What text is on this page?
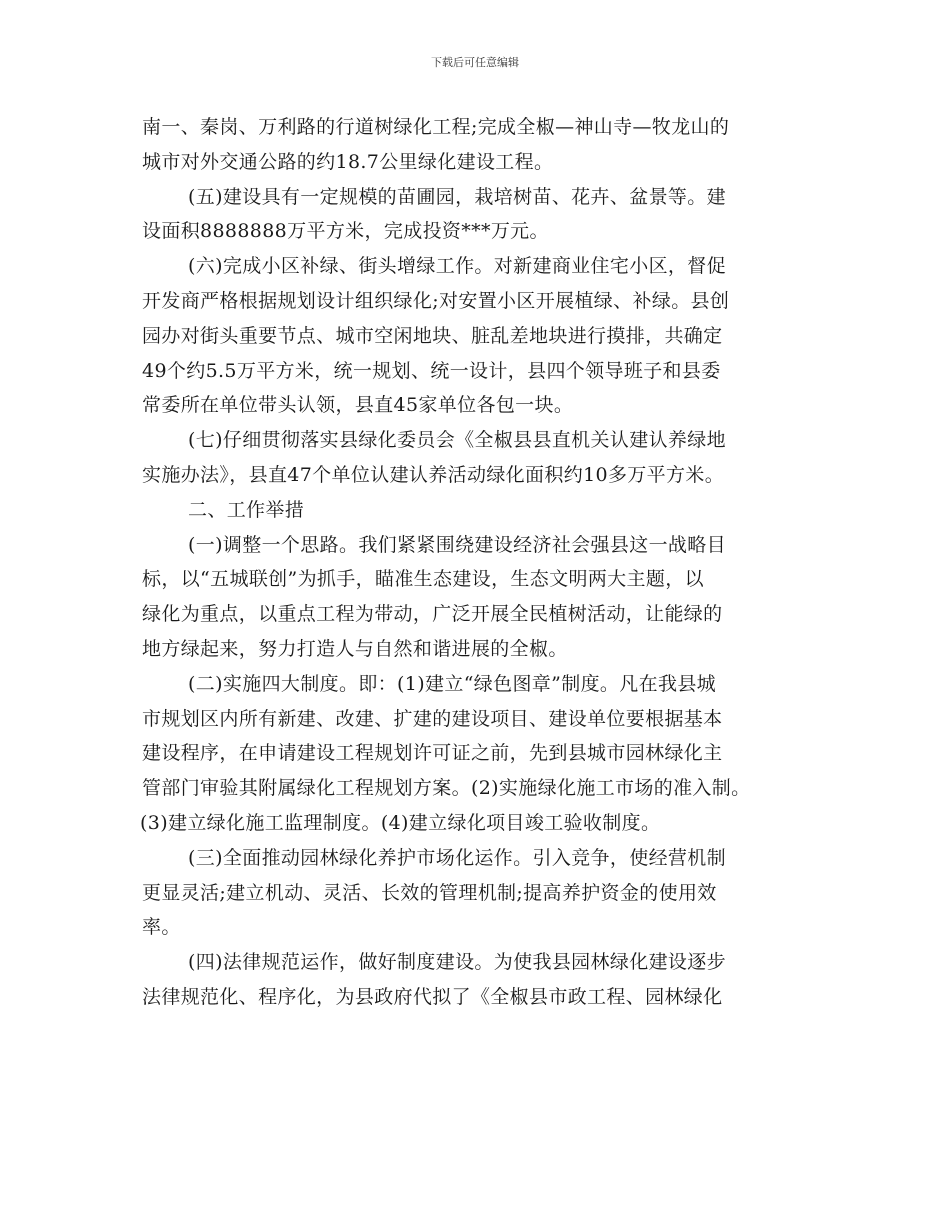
下载后可任意编辑
南一、秦岗、万利路的行道树绿化工程;完成全椒—神山寺—牧龙山的
城市对外交通公路的约18.7公里绿化建设工程。
(五)建设具有一定规模的苗圃园，栽培树苗、花卉、盆景等。建
设面积8888888万平方米，完成投资***万元。
(六)完成小区补绿、街头增绿工作。对新建商业住宅小区，督促
开发商严格根据规划设计组织绿化;对安置小区开展植绿、补绿。县创
园办对街头重要节点、城市空闲地块、脏乱差地块进行摸排，共确定
49个约5.5万平方米，统一规划、统一设计，县四个领导班子和县委
常委所在单位带头认领，县直45家单位各包一块。
(七)仔细贯彻落实县绿化委员会《全椒县县直机关认建认养绿地
实施办法》，县直47个单位认建认养活动绿化面积约10多万平方米。
二、工作举措
(一)调整一个思路。我们紧紧围绕建设经济社会强县这一战略目
标，以“五城联创”为抓手，瞄准生态建设，生态文明两大主题，以
绿化为重点，以重点工程为带动，广泛开展全民植树活动，让能绿的
地方绿起来，努力打造人与自然和谐进展的全椒。
(二)实施四大制度。即：(1)建立“绿色图章”制度。凡在我县城
市规划区内所有新建、改建、扩建的建设项目、建设单位要根据基本
建设程序，在申请建设工程规划许可证之前，先到县城市园林绿化主
管部门审验其附属绿化工程规划方案。(2)实施绿化施工市场的准入制。
(3)建立绿化施工监理制度。(4)建立绿化项目竣工验收制度。
(三)全面推动园林绿化养护市场化运作。引入竞争，使经营机制
更显灵活;建立机动、灵活、长效的管理机制;提高养护资金的使用效
率。
(四)法律规范运作，做好制度建设。为使我县园林绿化建设逐步
法律规范化、程序化，为县政府代拟了《全椒县市政工程、园林绿化
